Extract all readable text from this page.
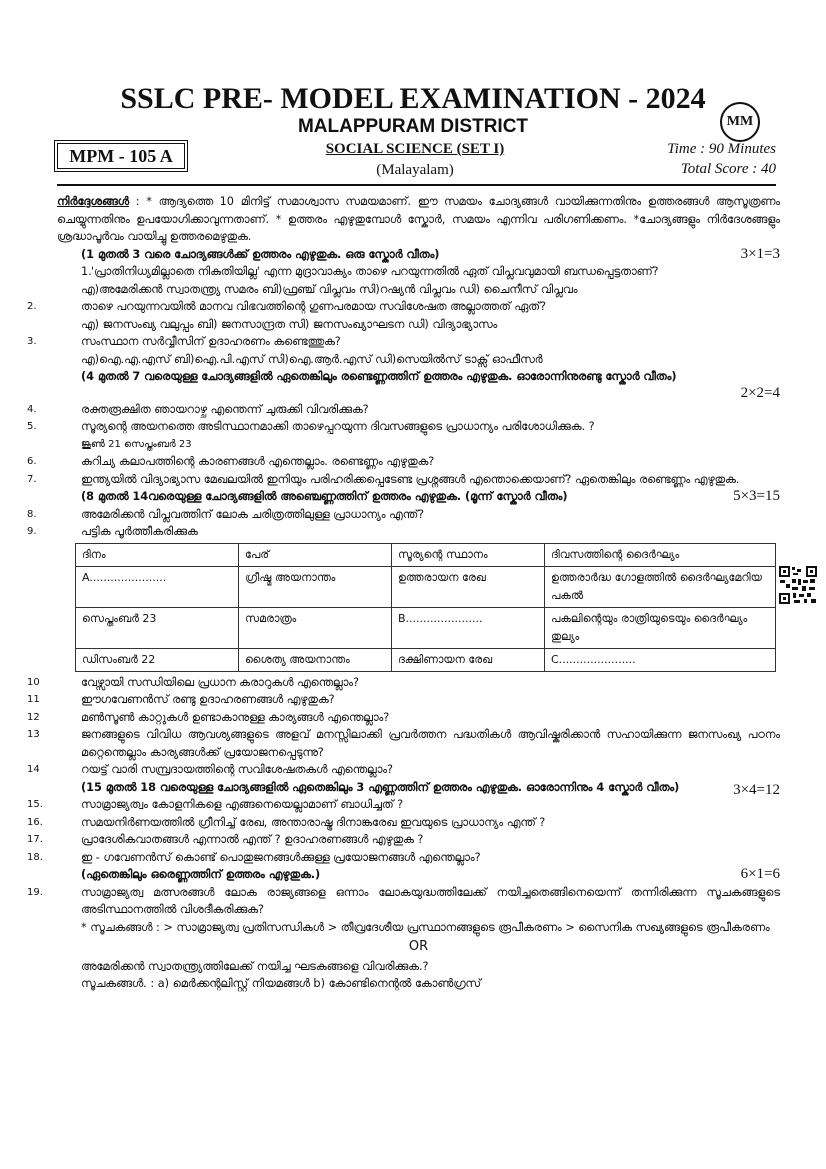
SSLC PRE- MODEL EXAMINATION - 2024
MALAPPURAM DISTRICT	MM
MPM - 105 A	SOCIAL SCIENCE (SET I)
(Malayalam)
Time : 90 Minutes
Total Score : 40
നിർദ്ദേശങ്ങൾ : * ആദ്യത്തെ 10 മിനിട്ട് സമാശ്വാസ സമയമാണ്. ഈ സമയം ചോദ്യങ്ങൾ വായിക്കുന്നതിനും ഉത്തരങ്ങൾ ആസൂത്രണം ചെയ്യുന്നതിനും ഉപയോഗിക്കാവുന്നതാണ്. * ഉത്തരം എഴുതുമ്പോൾ സ്കോർ, സമയം എന്നിവ പരിഗണിക്കണം. *ചോദ്യങ്ങളും നിർദേശങ്ങളും ശ്രദ്ധാപൂർവം വായിച്ചു ഉത്തരമെഴുതുക.
(1 മുതൽ 3 വരെ ചോദ്യങ്ങൾക്ക് ഉത്തരം എഴുതുക. ഒരു സ്കോർ വീതം)	3×1=3
1. 'പ്രാതിനിധ്യമില്ലാതെ നികുതിയില്ല' എന്ന മുദ്രാവാക്യം താഴെ പറയുന്നതിൽ ഏത് വിപ്ലവവുമായി ബന്ധപ്പെട്ടതാണ്?
എ)അമേരിക്കൻ സ്വാതന്ത്ര്യ സമരം ബി)ഫ്രഞ്ച് വിപ്ലവം സി)റഷ്യൻ വിപ്ലവം ഡി) ചൈനീസ് വിപ്ലവം
2.	താഴെ പറയുന്നവയിൽ മാനവ വിഭവത്തിന്റെ ഗുണപരമായ സവിശേഷത അല്ലാത്തത് ഏത്?
എ) ജനസംഖ്യ വലുപ്പം ബി) ജനസാന്ദ്രത സി) ജനസംഖ്യാഘടന ഡി) വിദ്യാഭ്യാസം
3.	സംസ്ഥാന സർവ്വീസിന് ഉദാഹരണം കണ്ടെത്തുക?
എ)ഐ.എ.എസ് ബി)ഐ.പി.എസ് സി)ഐ.ആർ.എസ് ഡി)സെയിൽസ് ടാക്സ് ഓഫീസർ
(4 മുതൽ 7 വരെയുള്ള ചോദ്യങ്ങളിൽ ഏതെങ്കിലും രണ്ടെണ്ണത്തിന് ഉത്തരം എഴുതുക. ഓരോന്നിനുരണ്ടു സ്കോർ വീതം)
2×2=4
4.	രക്തരൂക്ഷിത ഞായറാഴ്ച എന്തെന്ന് ചുരുക്കി വിവരിക്കുക?
5.	സൂര്യന്റെ അയനത്തെ അടിസ്ഥാനമാക്കി താഴെപ്പറയുന്ന ദിവസങ്ങളുടെ പ്രാധാന്യം പരിശോധിക്കുക. ?
ജൂൺ 21 സെപ്തംബർ 23
6.	കുറിച്യ കലാപത്തിന്റെ കാരണങ്ങൾ എന്തെല്ലാം. രണ്ടെണ്ണം എഴുതുക?
7.	ഇന്ത്യയിൽ വിദ്യാഭ്യാസ മേഖലയിൽ ഇനിയും പരിഹരിക്കപ്പെടേണ്ട പ്രശ്നങ്ങൾ എന്തൊക്കെയാണ്? ഏതെങ്കിലും രണ്ടെണ്ണം എഴുതുക.
(8 മുതൽ 14വരെയുള്ള ചോദ്യങ്ങളിൽ അഞ്ചെണ്ണത്തിന് ഉത്തരം എഴുതുക. (മൂന്ന് സ്കോർ വീതം)	5×3=15
8.	അമേരിക്കൻ വിപ്ലവത്തിന് ലോക ചരിത്രത്തിലുള്ള പ്രാധാന്യം എന്ത്?
9.	പട്ടിക പൂർത്തീകരിക്കുക
ദിനം	പേര്	സൂര്യന്റെ സ്ഥാനം	ദിവസത്തിന്റെ ദൈർഘ്യം
A......................	ഗ്രീഷ്മ അയനാന്തം	ഉത്തരായന രേഖ	ഉത്തരാർദ്ധ ഗോളത്തിൽ ദൈർഘ്യമേറിയ പകൽ
സെപ്തംബർ 23	സമരാത്രം	B......................	പകലിന്റെയും രാത്രിയുടെയും ദൈർഘ്യം തുല്യം
ഡിസംബർ 22	ശൈത്യ അയനാന്തം	ദക്ഷിണായന രേഖ	C......................
10	വേഴ്സായി സന്ധിയിലെ പ്രധാന കരാറുകൾ എന്തെല്ലാം?
11	ഈഗവേണൻസ് രണ്ടു ഉദാഹരണങ്ങൾ എഴുതുക?
12	മൺസൂൺ കാറ്റുകൾ ഉണ്ടാകാനുള്ള കാര്യങ്ങൾ എന്തെല്ലാം?
13	ജനങ്ങളുടെ വിവിധ ആവശ്യങ്ങളുടെ അളവ് മനസ്സിലാക്കി പ്രവർത്തന പദ്ധതികൾ ആവിഷ്കരിക്കാൻ സഹായിക്കുന്ന ജനസംഖ്യ പഠനം മറ്റെന്തെല്ലാം കാര്യങ്ങൾക്ക് പ്രയോജനപ്പെടുന്നു?
14	റയട്ട് വാരി സമ്പ്രദായത്തിന്റെ സവിശേഷതകൾ എന്തെല്ലാം?
(15 മുതൽ 18 വരെയുള്ള ചോദ്യങ്ങളിൽ ഏതെങ്കിലും 3 എണ്ണത്തിന് ഉത്തരം എഴുതുക. ഓരോന്നിനും 4 സ്കോർ വീതം)	3×4=12
15.	സാമ്രാജ്യത്വം കോളനികളെ എങ്ങനെയെല്ലാമാണ് ബാധിച്ചത് ?
16.	സമയനിർണയത്തിൽ ഗ്രീനിച്ച് രേഖ, അന്താരാഷ്ട്ര ദിനാങ്കരേഖ ഇവയുടെ പ്രാധാന്യം എന്ത് ?
17.	പ്രാദേശികവാതങ്ങൾ എന്നാൽ എന്ത് ? ഉദാഹരണങ്ങൾ എഴുതുക ?
18.	ഇ - ഗവേണൻസ് കൊണ്ട് പൊതുജനങ്ങൾക്കുള്ള പ്രയോജനങ്ങൾ എന്തെല്ലാം?
(ഏതെങ്കിലും ഒരെണ്ണത്തിന് ഉത്തരം എഴുതുക.)	6×1=6
19.	സാമ്രാജ്യത്വ മത്സരങ്ങൾ ലോക രാജ്യങ്ങളെ ഒന്നാം ലോകയുദ്ധത്തിലേക്ക് നയിച്ചതെങ്ങിനെയെന്ന് തന്നിരിക്കുന്ന സൂചകങ്ങളുടെ അടിസ്ഥാനത്തിൽ വിശദീകരിക്കുക?
* സൂചകങ്ങൾ : > സാമ്രാജ്യത്വ പ്രതിസന്ധികൾ > തീവ്രദേശീയ പ്രസ്ഥാനങ്ങളുടെ രൂപീകരണം > സൈനിക സഖ്യങ്ങളുടെ രൂപീകരണം
OR
അമേരിക്കൻ സ്വാതന്ത്ര്യത്തിലേക്ക് നയിച്ച ഘടകങ്ങളെ വിവരിക്കുക.?
സൂചകങ്ങൾ. : a) മെർക്കന്റലിസ്റ്റ് നിയമങ്ങൾ b) കോണ്ടിനെന്റൽ കോൺഗ്രസ്
